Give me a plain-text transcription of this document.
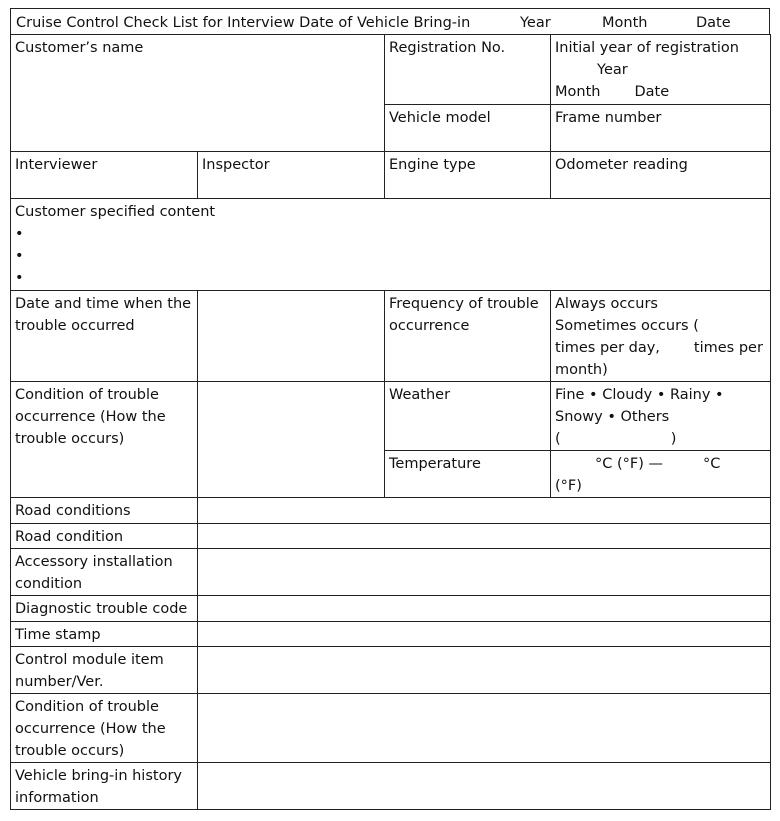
Cruise Control Check List for Interview Date of Vehicle Bring-in	Year	Month	Date
Customer’s name		Registration No.	Initial year of registration
Year
Month Date

		Vehicle model	Frame number
Interviewer	Inspector	Engine type	Odometer reading

Customer specified content
•
•
•			

Date and time when the trouble occurred		Frequency of trouble occurrence	Always occurs
Sometimes occurs (
times per day, times per month)

Condition of trouble occurrence (How the trouble occurs)		Weather	Fine • Cloudy • Rainy •
Snowy • Others
( )

		Temperature	°C (°F) — °C
(°F)

Road conditions			
Road condition			
Accessory installation condition			
Diagnostic trouble code			
Time stamp			
Control module item number/Ver.			
Condition of trouble occurrence (How the trouble occurs)			
Vehicle bring-in history information			
